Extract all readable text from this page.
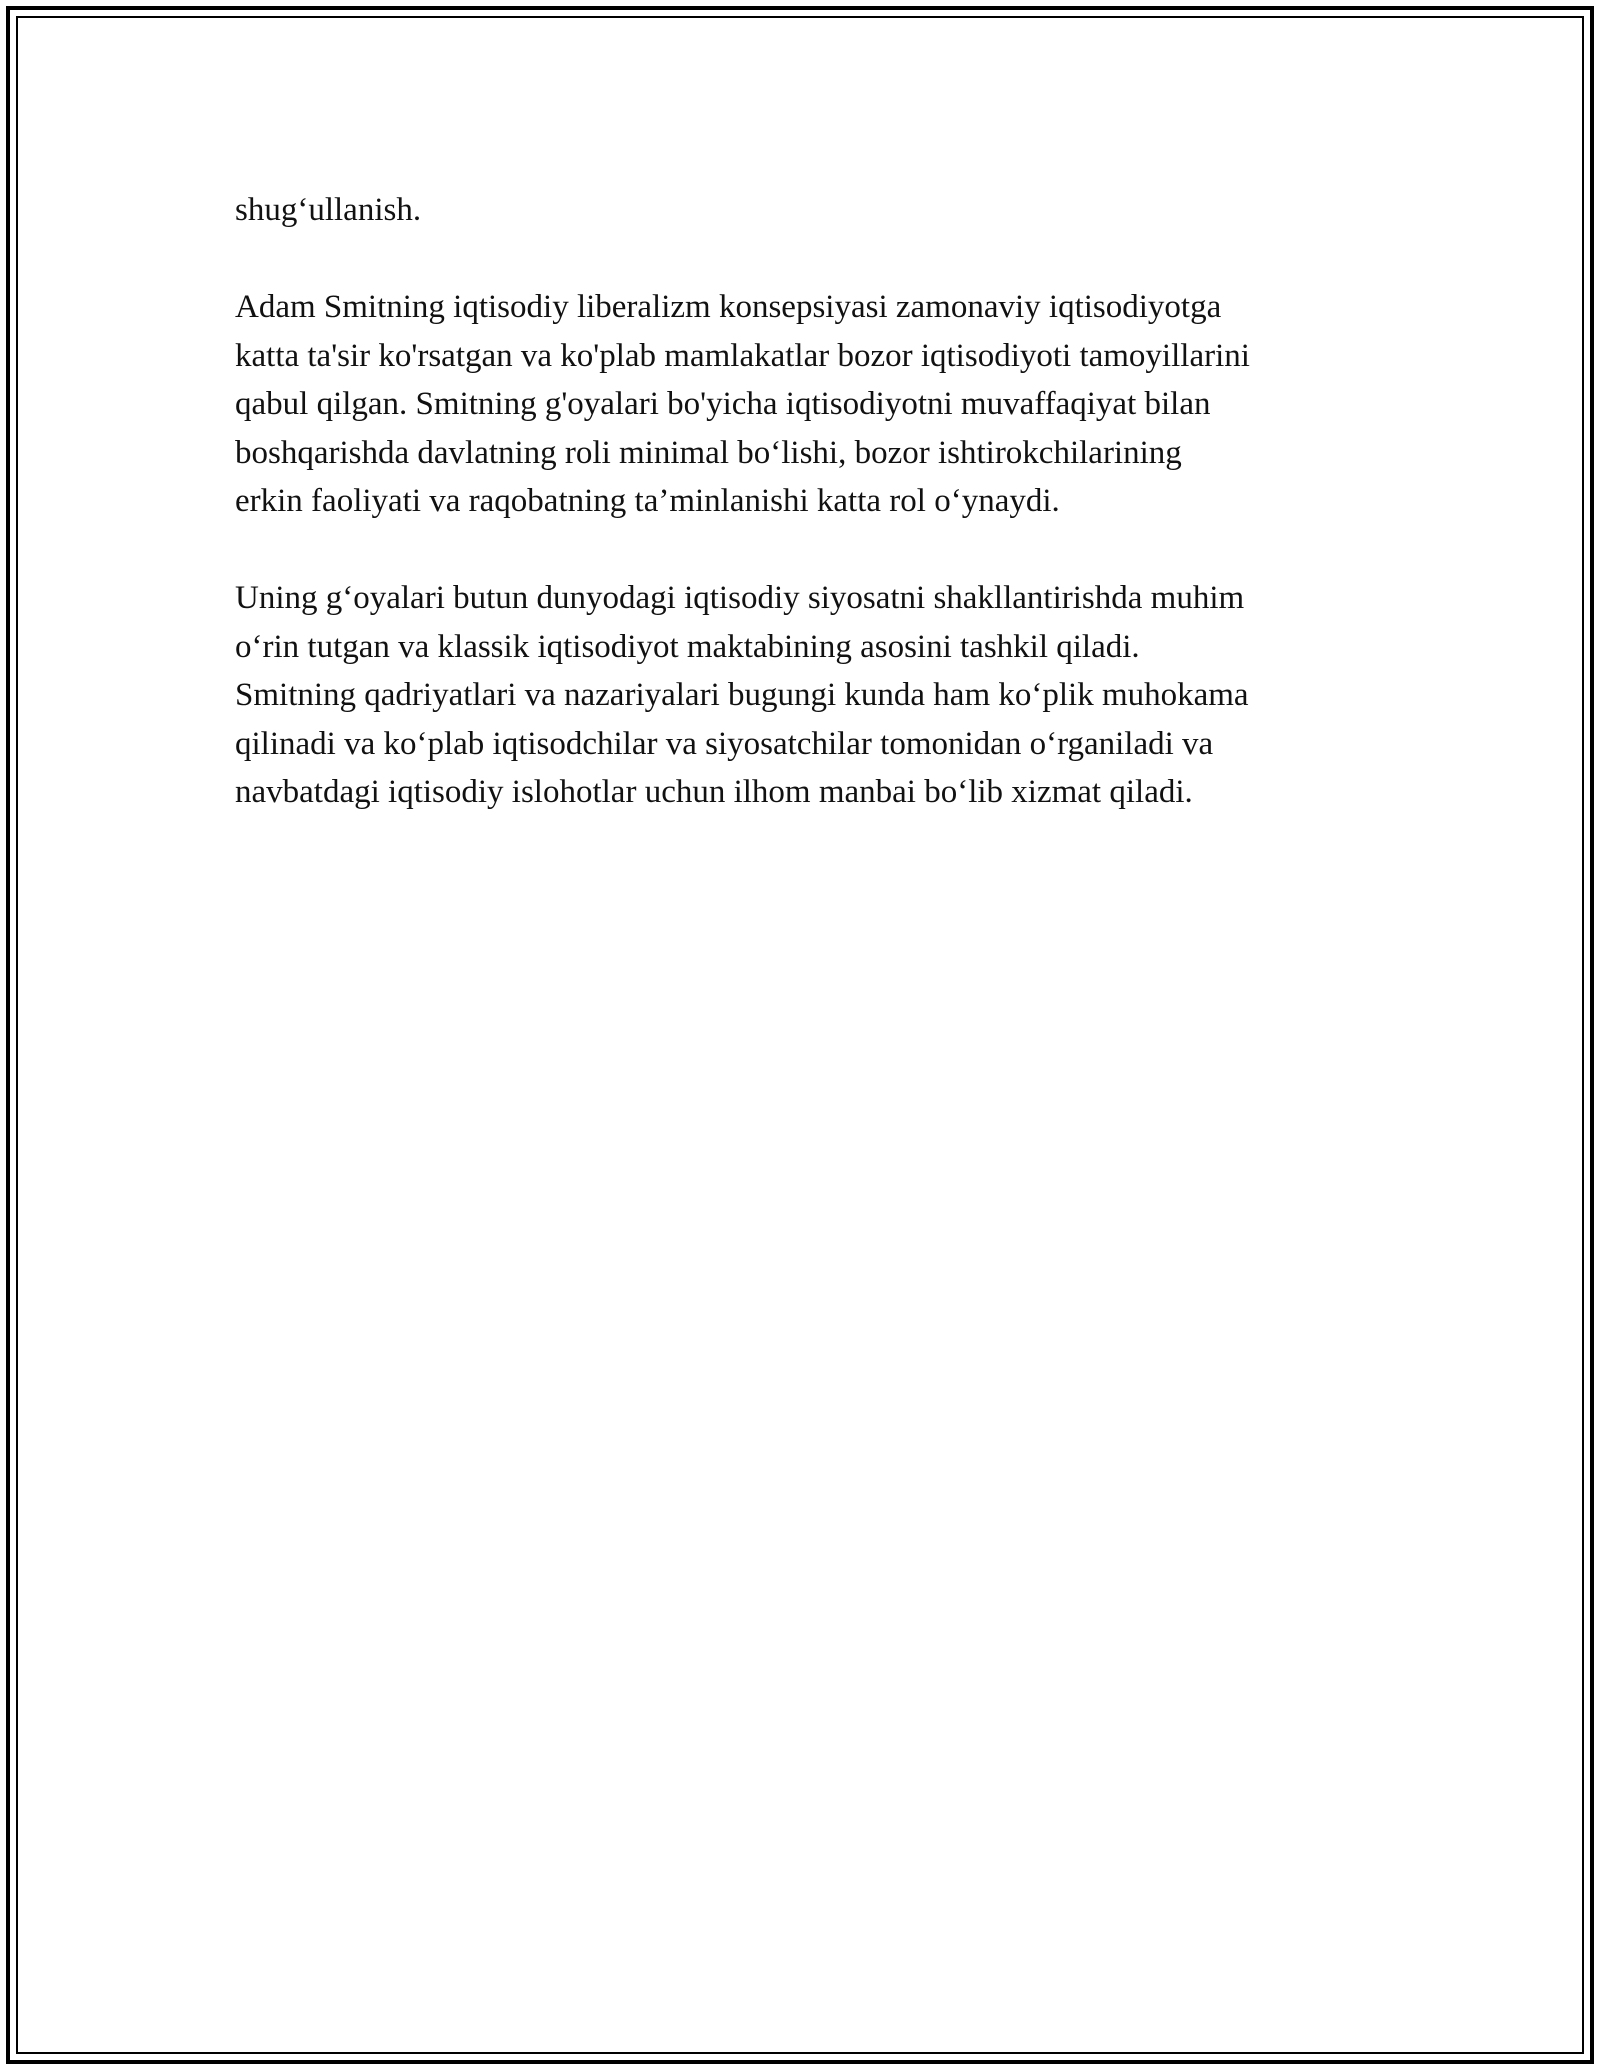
shug‘ullanish.

Adam Smitning iqtisodiy liberalizm konsepsiyasi zamonaviy iqtisodiyotga
katta ta'sir ko'rsatgan va ko'plab mamlakatlar bozor iqtisodiyoti tamoyillarini
qabul qilgan. Smitning g'oyalari bo'yicha iqtisodiyotni muvaffaqiyat bilan
boshqarishda davlatning roli minimal bo‘lishi, bozor ishtirokchilarining
erkin faoliyati va raqobatning ta’minlanishi katta rol o‘ynaydi.

Uning g‘oyalari butun dunyodagi iqtisodiy siyosatni shakllantirishda muhim
o‘rin tutgan va klassik iqtisodiyot maktabining asosini tashkil qiladi.
Smitning qadriyatlari va nazariyalari bugungi kunda ham ko‘plik muhokama
qilinadi va ko‘plab iqtisodchilar va siyosatchilar tomonidan o‘rganiladi va
navbatdagi iqtisodiy islohotlar uchun ilhom manbai bo‘lib xizmat qiladi.
